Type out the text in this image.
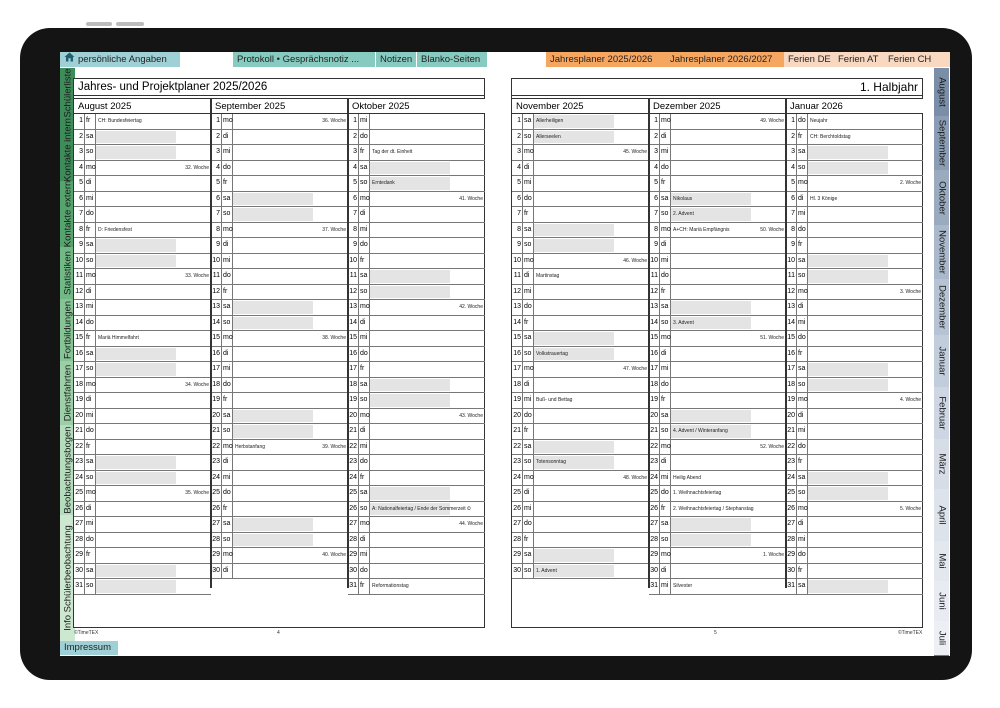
persönliche Angaben	Protokoll • Gesprächsnotiz ...	Notizen Blanko-Seiten	Jahresplaner 2025/2026	Jahresplaner 2026/2027	Ferien DE Ferien AT	Ferien CH
Schülerliste
Kontakte intern
Kontakte extern
Statistiken
Fortbildungen
Dienstfahrten
Beobachtungsbogen
Info Schülerbeobachtung
Impressum
August
September
Oktober
November
Dezember
Januar
Februar
März
April
Mai
Juni
Juli
Jahres- und Projektplaner 2025/2026
August 2025
1 fr	CH: Bundesfeiertag
2 sa
3 so
4 mo	32. Woche
5 di
6 mi
7 do
8 fr	D: Friedensfest
9 sa
10 so
11 mo	33. Woche
12 di
13 mi
14 do
15 fr	Mariä Himmelfahrt
16 sa
17 so
18 mo	34. Woche
19 di
20 mi
21 do
22 fr
23 sa
24 so
25 mo	35. Woche
26 di
27 mi
28 do
29 fr
30 sa
31 so
September 2025
1 mo	36. Woche
2 di
3 mi
4 do
5 fr
6 sa
7 so
8 mo	37. Woche
9 di
10 mi
11 do
12 fr
13 sa
14 so
15 mo	38. Woche
16 di
17 mi
18 do
19 fr
20 sa
21 so
22 mo Herbstanfang	39. Woche
23 di
24 mi
25 do
26 fr
27 sa
28 so
29 mo	40. Woche
30 di
Oktober 2025
1 mi
2 do
3 fr	Tag der dt. Einheit
4 sa
5 so Erntedank
6 mo	41. Woche
7 di
8 mi
9 do
10 fr
11 sa
12 so
13 mo	42. Woche
14 di
15 mi
16 do
17 fr
18 sa
19 so
20 mo	43. Woche
21 di
22 mi
23 do
24 fr
25 sa
26 so A: Nationalfeiertag / Ende der Sommerzeit ⏲
27 mo	44. Woche
28 di
29 mi
30 do
31 fr	Reformationstag
1. Halbjahr
November 2025
1 sa Allerheiligen
2 so Allerseelen
3 mo	45. Woche
4 di
5 mi
6 do
7 fr
8 sa
9 so
10 mo	46. Woche
11 di	Martinstag
12 mi
13 do
14 fr
15 sa
16 so Volkstrauertag
17 mo	47. Woche
18 di
19 mi Buß- und Bettag
20 do
21 fr
22 sa
23 so Totensonntag
24 mo	48. Woche
25 di
26 mi
27 do
28 fr
29 sa
30 so 1. Advent
Dezember 2025
1 mo	49. Woche
2 di
3 mi
4 do
5 fr
6 sa Nikolaus
7 so 2. Advent
8 mo A+CH: Mariä Empfängnis	50. Woche
9 di
10 mi
11 do
12 fr
13 sa
14 so 3. Advent
15 mo	51. Woche
16 di
17 mi
18 do
19 fr
20 sa
21 so 4. Advent / Winteranfang
22 mo	52. Woche
23 di
24 mi Heilig Abend
25 do 1. Weihnachtsfeiertag
26 fr	2. Weihnachtsfeiertag / Stephanstag
27 sa
28 so
29 mo	1. Woche
30 di
31 mi Silvester
Januar 2026
1 do Neujahr
2 fr	CH: Berchtoldstag
3 sa
4 so
5 mo	2. Woche
6 di	Hl. 3 Könige
7 mi
8 do
9 fr
10 sa
11 so
12 mo	3. Woche
13 di
14 mi
15 do
16 fr
17 sa
18 so
19 mo	4. Woche
20 di
21 mi
22 do
23 fr
24 sa
25 so
26 mo	5. Woche
27 di
28 mi
29 do
30 fr
31 sa
©TimeTEX	4	5	©TimeTEX
